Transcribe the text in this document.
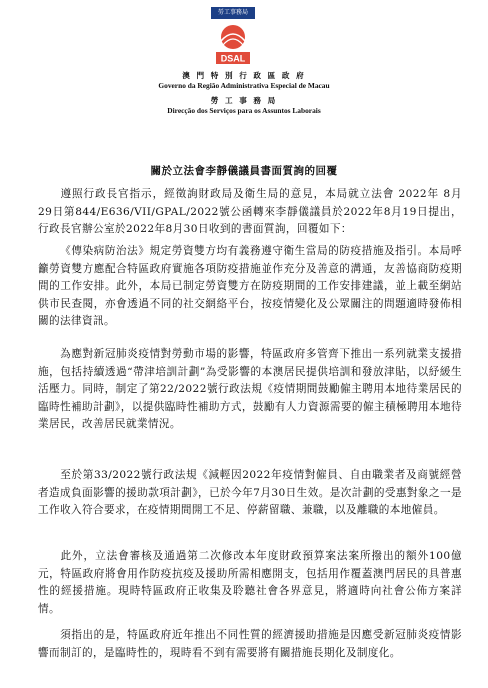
勞工事務局
DSAL
澳 門 特 別 行 政 區 政 府
Governo da Região Administrativa Especial de Macau
勞 工 事 務 局
Direcção dos Serviços para os Assuntos Laborais
關於立法會李靜儀議員書面質詢的回覆
遵照行政長官指示，經徵詢財政局及衛生局的意見，本局就立法會 2022年 8月 29日第844/E636/VII/GPAL/2022號公函轉來李靜儀議員於2022年8月19日提出，行政長官辦公室於2022年8月30日收到的書面質詢，回覆如下：
《傳染病防治法》規定勞資雙方均有義務遵守衛生當局的防疫措施及指引。本局呼籲勞資雙方應配合特區政府實施各項防疫措施並作充分及善意的溝通，友善協商防疫期間的工作安排。此外，本局已制定勞資雙方在防疫期間的工作安排建議，並上載至網站供市民查閱，亦會透過不同的社交網絡平台，按疫情變化及公眾關注的問題適時發佈相關的法律資訊。
為應對新冠肺炎疫情對勞動市場的影響，特區政府多管齊下推出一系列就業支援措施，包括持續透過“帶津培訓計劃”為受影響的本澳居民提供培訓和發放津貼，以紓緩生活壓力。同時，制定了第22/2022號行政法規《疫情期間鼓勵僱主聘用本地待業居民的臨時性補助計劃》，以提供臨時性補助方式，鼓勵有人力資源需要的僱主積極聘用本地待業居民，改善居民就業情況。
至於第33/2022號行政法規《減輕因2022年疫情對僱員、自由職業者及商號經營者造成負面影響的援助款項計劃》，已於今年7月30日生效。是次計劃的受惠對象之一是工作收入符合要求，在疫情期間開工不足、停薪留職、兼職，以及離職的本地僱員。
此外，立法會審核及通過第二次修改本年度財政預算案法案所撥出的額外100億元，特區政府將會用作防疫抗疫及援助所需相應開支，包括用作覆蓋澳門居民的具普惠性的經援措施。現時特區政府正收集及聆聽社會各界意見，將適時向社會公佈方案詳情。
須指出的是，特區政府近年推出不同性質的經濟援助措施是因應受新冠肺炎疫情影響而制訂的，是臨時性的，現時看不到有需要將有關措施長期化及制度化。
